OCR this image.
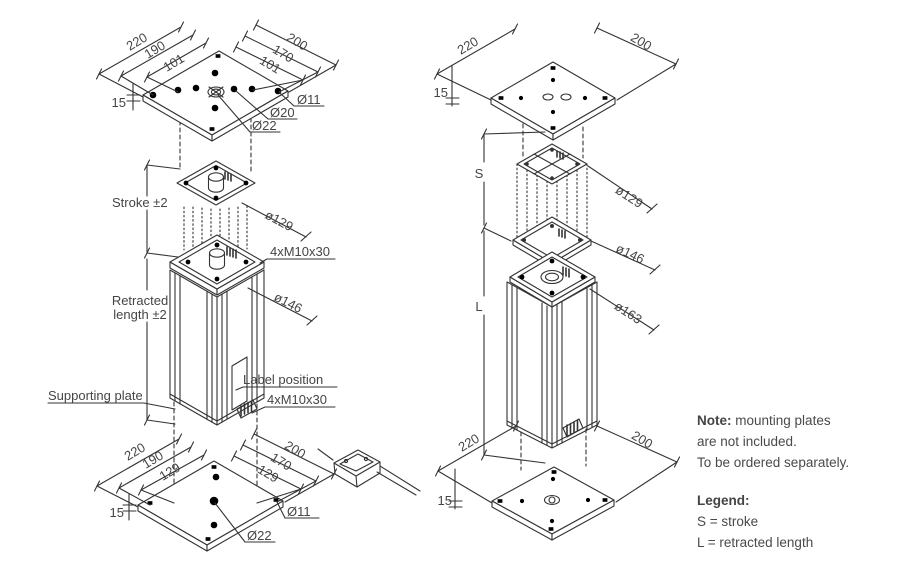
220
190
101
200
170
101
15	Ø11
Ø20
Ø22
Stroke ±2
ø129
4xM10x30
Retracted
length ±2	ø146
Label position
Supporting plate	4xM10x30
220
190
129
200
170
129
15	Ø11
Ø22
220	200
15
S
L
ø129
ø146
ø163
220	200
15
Note: mounting plates
are not included.
To be ordered separately.
Legend:
S = stroke
L = retracted length
